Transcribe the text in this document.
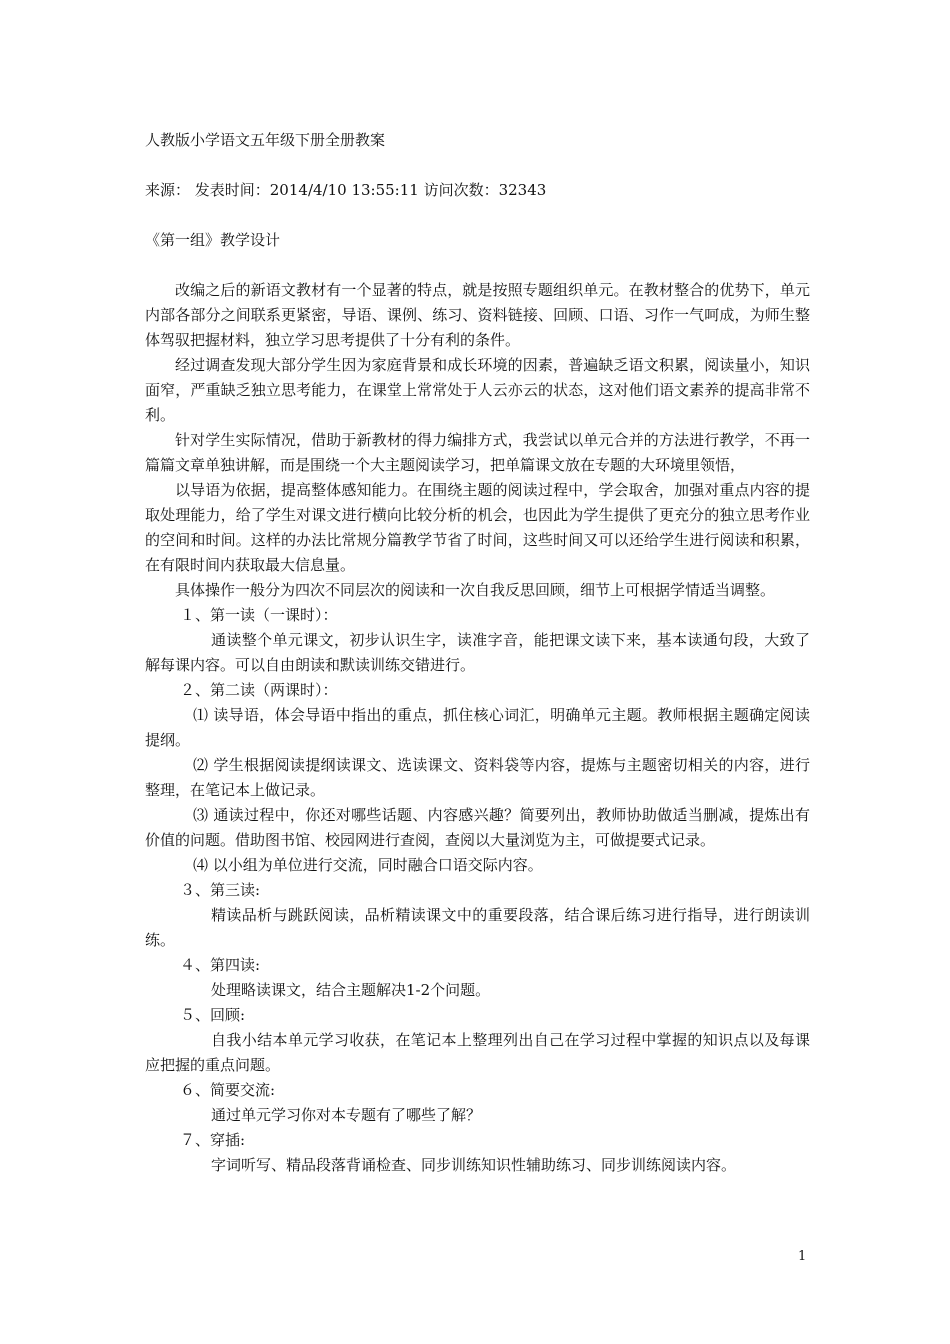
人教版小学语文五年级下册全册教案

来源： 发表时间：2014/4/10 13:55:11 访问次数：32343

《第一组》教学设计

改编之后的新语文教材有一个显著的特点，就是按照专题组织单元。在教材整合的优势下，单元内部各部分之间联系更紧密，导语、课例、练习、资料链接、回顾、口语、习作一气呵成，为师生整体驾驭把握材料，独立学习思考提供了十分有利的条件。

经过调查发现大部分学生因为家庭背景和成长环境的因素，普遍缺乏语文积累，阅读量小，知识面窄，严重缺乏独立思考能力，在课堂上常常处于人云亦云的状态，这对他们语文素养的提高非常不利。

针对学生实际情况，借助于新教材的得力编排方式，我尝试以单元合并的方法进行教学，不再一篇篇文章单独讲解，而是围绕一个大主题阅读学习，把单篇课文放在专题的大环境里领悟，

以导语为依据，提高整体感知能力。在围绕主题的阅读过程中，学会取舍，加强对重点内容的提取处理能力，给了学生对课文进行横向比较分析的机会，也因此为学生提供了更充分的独立思考作业的空间和时间。这样的办法比常规分篇教学节省了时间，这些时间又可以还给学生进行阅读和积累，在有限时间内获取最大信息量。

具体操作一般分为四次不同层次的阅读和一次自我反思回顾，细节上可根据学情适当调整。

１、第一读（一课时）：

通读整个单元课文，初步认识生字，读准字音，能把课文读下来，基本读通句段，大致了解每课内容。可以自由朗读和默读训练交错进行。

２、第二读（两课时）：

⑴ 读导语，体会导语中指出的重点，抓住核心词汇，明确单元主题。教师根据主题确定阅读提纲。

⑵ 学生根据阅读提纲读课文、选读课文、资料袋等内容，提炼与主题密切相关的内容，进行整理，在笔记本上做记录。

⑶ 通读过程中，你还对哪些话题、内容感兴趣？简要列出，教师协助做适当删减，提炼出有价值的问题。借助图书馆、校园网进行查阅，查阅以大量浏览为主，可做提要式记录。

⑷ 以小组为单位进行交流，同时融合口语交际内容。

３、第三读:

精读品析与跳跃阅读，品析精读课文中的重要段落，结合课后练习进行指导，进行朗读训练。

４、第四读:

处理略读课文，结合主题解决1-2个问题。

５、回顾:

自我小结本单元学习收获，在笔记本上整理列出自己在学习过程中掌握的知识点以及每课应把握的重点问题。

６、简要交流:

通过单元学习你对本专题有了哪些了解？

７、穿插:

字词听写、精品段落背诵检查、同步训练知识性辅助练习、同步训练阅读内容。

1
